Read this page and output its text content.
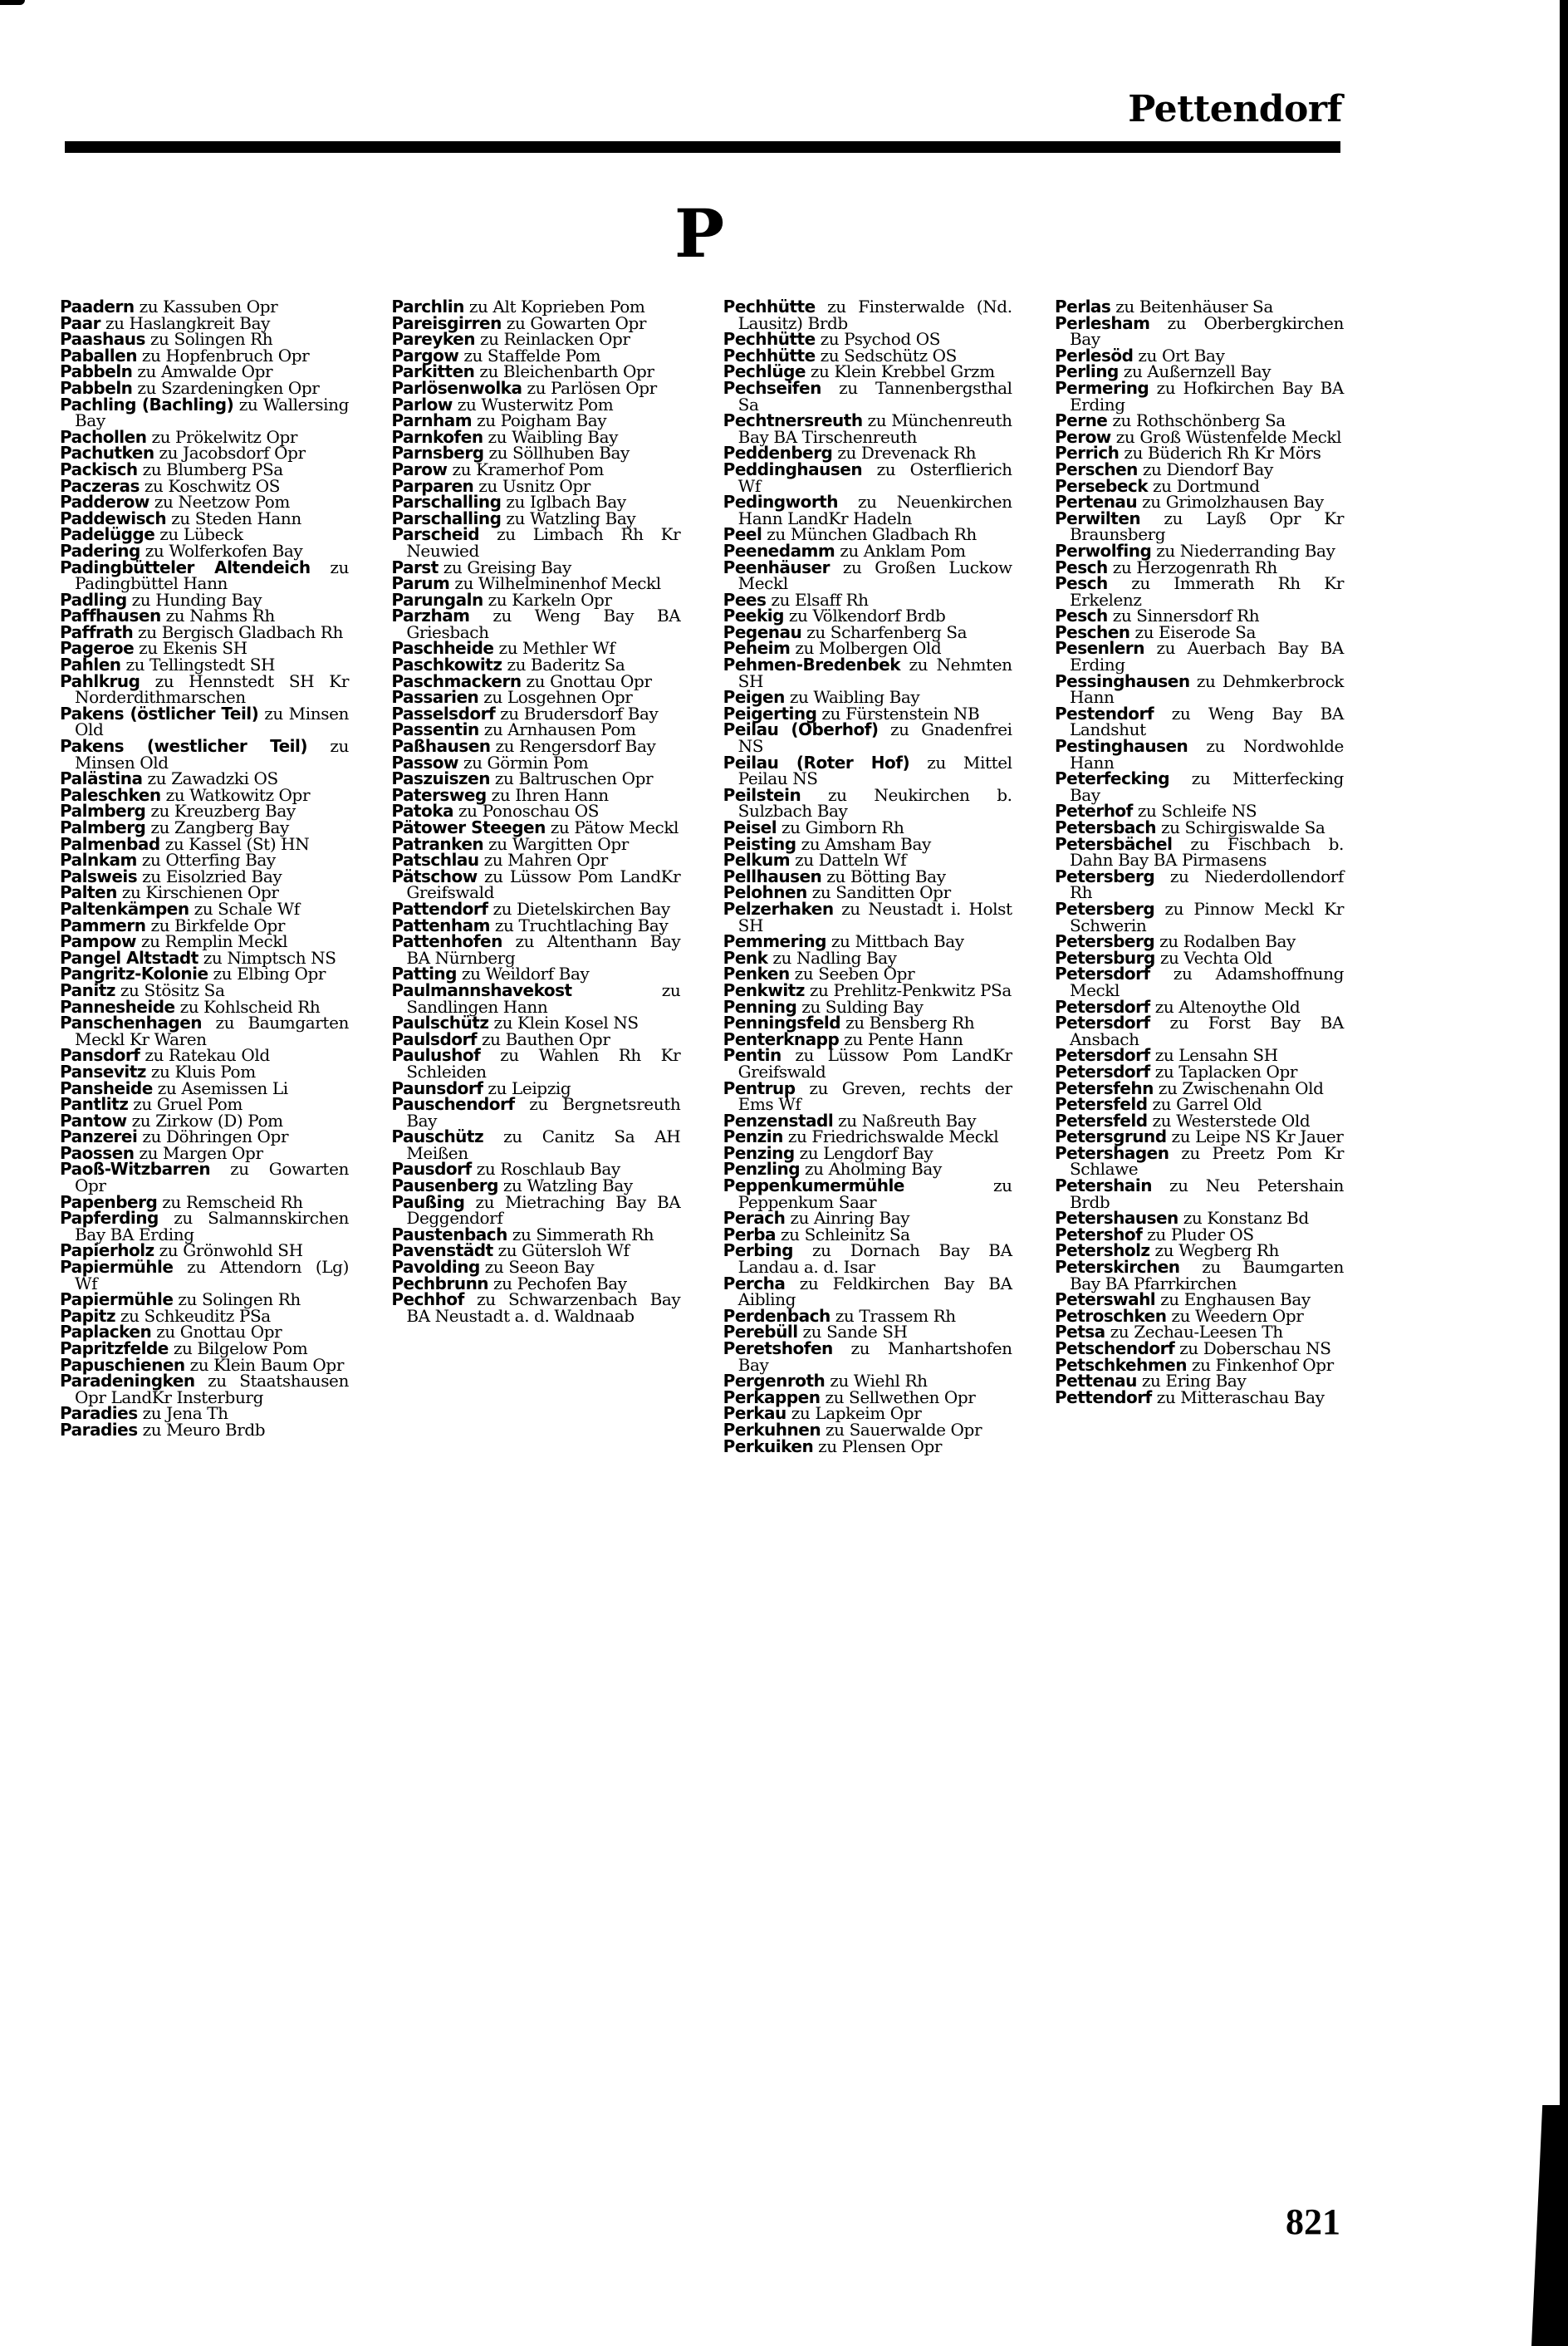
Pettendorf
P

Paadern zu Kassuben Opr

Paar zu Haslangkreit Bay

Paashaus zu Solingen Rh

Paballen zu Hopfenbruch Opr

Pabbeln zu Amwalde Opr

Pabbeln zu Szardeningken Opr

Pachling (Bachling) zu Wallersing Bay

Pachollen zu Prökelwitz Opr

Pachutken zu Jacobsdorf Opr

Packisch zu Blumberg PSa

Paczeras zu Koschwitz OS

Padderow zu Neetzow Pom

Paddewisch zu Steden Hann

Padelügge zu Lübeck

Padering zu Wolferkofen Bay

Padingbütteler Altendeich zu Padingbüttel Hann

Padling zu Hunding Bay

Paffhausen zu Nahms Rh

Paffrath zu Bergisch Gladbach Rh

Pageroe zu Ekenis SH

Pahlen zu Tellingstedt SH

Pahlkrug zu Hennstedt SH Kr Norderdithmarschen

Pakens (östlicher Teil) zu Minsen Old

Pakens (westlicher Teil) zu Minsen Old

Palästina zu Zawadzki OS

Paleschken zu Watkowitz Opr

Palmberg zu Kreuzberg Bay

Palmberg zu Zangberg Bay

Palmenbad zu Kassel (St) HN

Palnkam zu Otterfing Bay

Palsweis zu Eisolzried Bay

Palten zu Kirschienen Opr

Paltenkämpen zu Schale Wf

Pammern zu Birkfelde Opr

Pampow zu Remplin Meckl

Pangel Altstadt zu Nimptsch NS

Pangritz-Kolonie zu Elbing Opr

Panitz zu Stösitz Sa

Pannesheide zu Kohlscheid Rh

Panschenhagen zu Baumgarten Meckl Kr Waren

Pansdorf zu Ratekau Old

Pansevitz zu Kluis Pom

Pansheide zu Asemissen Li

Pantlitz zu Gruel Pom

Pantow zu Zirkow (D) Pom

Panzerei zu Döhringen Opr

Paossen zu Margen Opr

Paoß-Witzbarren zu Gowarten Opr

Papenberg zu Remscheid Rh

Papferding zu Salmannskirchen Bay BA Erding

Papierholz zu Grönwohld SH

Papiermühle zu Attendorn (Lg) Wf

Papiermühle zu Solingen Rh

Papitz zu Schkeuditz PSa

Paplacken zu Gnottau Opr

Papritzfelde zu Bilgelow Pom

Papuschienen zu Klein Baum Opr

Paradeningken zu Staatshausen Opr LandKr Insterburg

Paradies zu Jena Th

Paradies zu Meuro Brdb

Parchlin zu Alt Koprieben Pom

Pareisgirren zu Gowarten Opr

Pareyken zu Reinlacken Opr

Pargow zu Staffelde Pom

Parkitten zu Bleichenbarth Opr

Parlösenwolka zu Parlösen Opr

Parlow zu Wusterwitz Pom

Parnham zu Poigham Bay

Parnkofen zu Waibling Bay

Parnsberg zu Söllhuben Bay

Parow zu Kramerhof Pom

Parparen zu Usnitz Opr

Parschalling zu Iglbach Bay

Parschalling zu Watzling Bay

Parscheid zu Limbach Rh Kr Neuwied

Parst zu Greising Bay

Parum zu Wilhelminenhof Meckl

Parungaln zu Karkeln Opr

Parzham zu Weng Bay BA Griesbach

Paschheide zu Methler Wf

Paschkowitz zu Baderitz Sa

Paschmackern zu Gnottau Opr

Passarien zu Losgehnen Opr

Passelsdorf zu Brudersdorf Bay

Passentin zu Arnhausen Pom

Paßhausen zu Rengersdorf Bay

Passow zu Görmin Pom

Paszuiszen zu Baltruschen Opr

Patersweg zu Ihren Hann

Patoka zu Ponoschau OS

Pätower Steegen zu Pätow Meckl

Patranken zu Wargitten Opr

Patschlau zu Mahren Opr

Pätschow zu Lüssow Pom LandKr Greifswald

Pattendorf zu Dietelskirchen Bay

Pattenham zu Truchtlaching Bay

Pattenhofen zu Altenthann Bay BA Nürnberg

Patting zu Weildorf Bay

Paulmannshavekost	zu Sandlingen Hann

Paulschütz zu Klein Kosel NS

Paulsdorf zu Bauthen Opr

Paulushof zu Wahlen Rh Kr Schleiden

Paunsdorf zu Leipzig

Pauschendorf zu Bergnetsreuth Bay

Pauschütz zu Canitz Sa AH Meißen

Pausdorf zu Roschlaub Bay

Pausenberg zu Watzling Bay

Paußing zu Mietraching Bay BA Deggendorf

Paustenbach zu Simmerath Rh

Pavenstädt zu Gütersloh Wf

Pavolding zu Seeon Bay

Pechbrunn zu Pechofen Bay

Pechhof zu Schwarzenbach Bay BA Neustadt a. d. Waldnaab

Pechhütte zu Finsterwalde (Nd. Lausitz) Brdb

Pechhütte zu Psychod OS

Pechhütte zu Sedschütz OS

Pechlüge zu Klein Krebbel Grzm

Pechseifen zu Tannenbergsthal Sa

Pechtnersreuth zu Münchenreuth Bay BA Tirschenreuth

Peddenberg zu Drevenack Rh

Peddinghausen zu Osterflierich Wf

Pedingworth zu Neuenkirchen Hann LandKr Hadeln

Peel zu München Gladbach Rh

Peenedamm zu Anklam Pom

Peenhäuser zu Großen Luckow Meckl

Pees zu Elsaff Rh

Peekig zu Völkendorf Brdb

Pegenau zu Scharfenberg Sa

Peheim zu Molbergen Old

Pehmen-Bredenbek zu Nehmten SH

Peigen zu Waibling Bay

Peigerting zu Fürstenstein NB

Peilau (Oberhof) zu Gnadenfrei NS

Peilau (Roter Hof) zu Mittel Peilau NS

Peilstein zu Neukirchen b. Sulzbach Bay

Peisel zu Gimborn Rh

Peisting zu Amsham Bay

Pelkum zu Datteln Wf

Pellhausen zu Bötting Bay

Pelohnen zu Sanditten Opr

Pelzerhaken zu Neustadt i. Holst SH

Pemmering zu Mittbach Bay

Penk zu Nadling Bay

Penken zu Seeben Opr

Penkwitz zu Prehlitz-Penkwitz PSa

Penning zu Sulding Bay

Penningsfeld zu Bensberg Rh

Penterknapp zu Pente Hann

Pentin zu Lüssow Pom LandKr Greifswald

Pentrup zu Greven, rechts der Ems Wf

Penzenstadl zu Naßreuth Bay

Penzin zu Friedrichswalde Meckl

Penzing zu Lengdorf Bay

Penzling zu Aholming Bay

Peppenkumermühle	zu Peppenkum Saar

Perach zu Ainring Bay

Perba zu Schleinitz Sa

Perbing zu Dornach Bay BA Landau a. d. Isar

Percha zu Feldkirchen Bay BA Aibling

Perdenbach zu Trassem Rh

Perebüll zu Sande SH

Peretshofen zu Manhartshofen Bay

Pergenroth zu Wiehl Rh

Perkappen zu Sellwethen Opr

Perkau zu Lapkeim Opr

Perkuhnen zu Sauerwalde Opr

Perkuiken zu Plensen Opr

Perlas zu Beitenhäuser Sa

Perlesham zu Oberbergkirchen Bay

Perlesöd zu Ort Bay

Perling zu Außernzell Bay

Permering zu Hofkirchen Bay BA Erding

Perne zu Rothschönberg Sa

Perow zu Groß Wüstenfelde Meckl

Perrich zu Büderich Rh Kr Mörs

Perschen zu Diendorf Bay

Persebeck zu Dortmund

Pertenau zu Grimolzhausen Bay

Perwilten zu Layß Opr Kr Braunsberg

Perwolfing zu Niederranding Bay

Pesch zu Herzogenrath Rh

Pesch zu Immerath Rh Kr Erkelenz

Pesch zu Sinnersdorf Rh

Peschen zu Eiserode Sa

Pesenlern zu Auerbach Bay BA Erding

Pessinghausen zu Dehmkerbrock Hann

Pestendorf zu Weng Bay BA Landshut

Pestinghausen zu Nordwohlde Hann

Peterfecking zu Mitterfecking Bay

Peterhof zu Schleife NS

Petersbach zu Schirgiswalde Sa

Petersbächel zu Fischbach b. Dahn Bay BA Pirmasens

Petersberg zu Niederdollendorf Rh

Petersberg zu Pinnow Meckl Kr Schwerin

Petersberg zu Rodalben Bay

Petersburg zu Vechta Old

Petersdorf zu Adamshoffnung Meckl

Petersdorf zu Altenoythe Old

Petersdorf zu Forst Bay BA Ansbach

Petersdorf zu Lensahn SH

Petersdorf zu Taplacken Opr

Petersfehn zu Zwischenahn Old

Petersfeld zu Garrel Old

Petersfeld zu Westerstede Old

Petersgrund zu Leipe NS Kr Jauer

Petershagen zu Preetz Pom Kr Schlawe

Petershain zu Neu Petershain Brdb

Petershausen zu Konstanz Bd

Petershof zu Pluder OS

Petersholz zu Wegberg Rh

Peterskirchen zu Baumgarten Bay BA Pfarrkirchen

Peterswahl zu Enghausen Bay

Petroschken zu Weedern Opr

Petsa zu Zechau-Leesen Th

Petschendorf zu Doberschau NS

Petschkehmen zu Finkenhof Opr

Pettenau zu Ering Bay

Pettendorf zu Mitteraschau Bay

821
